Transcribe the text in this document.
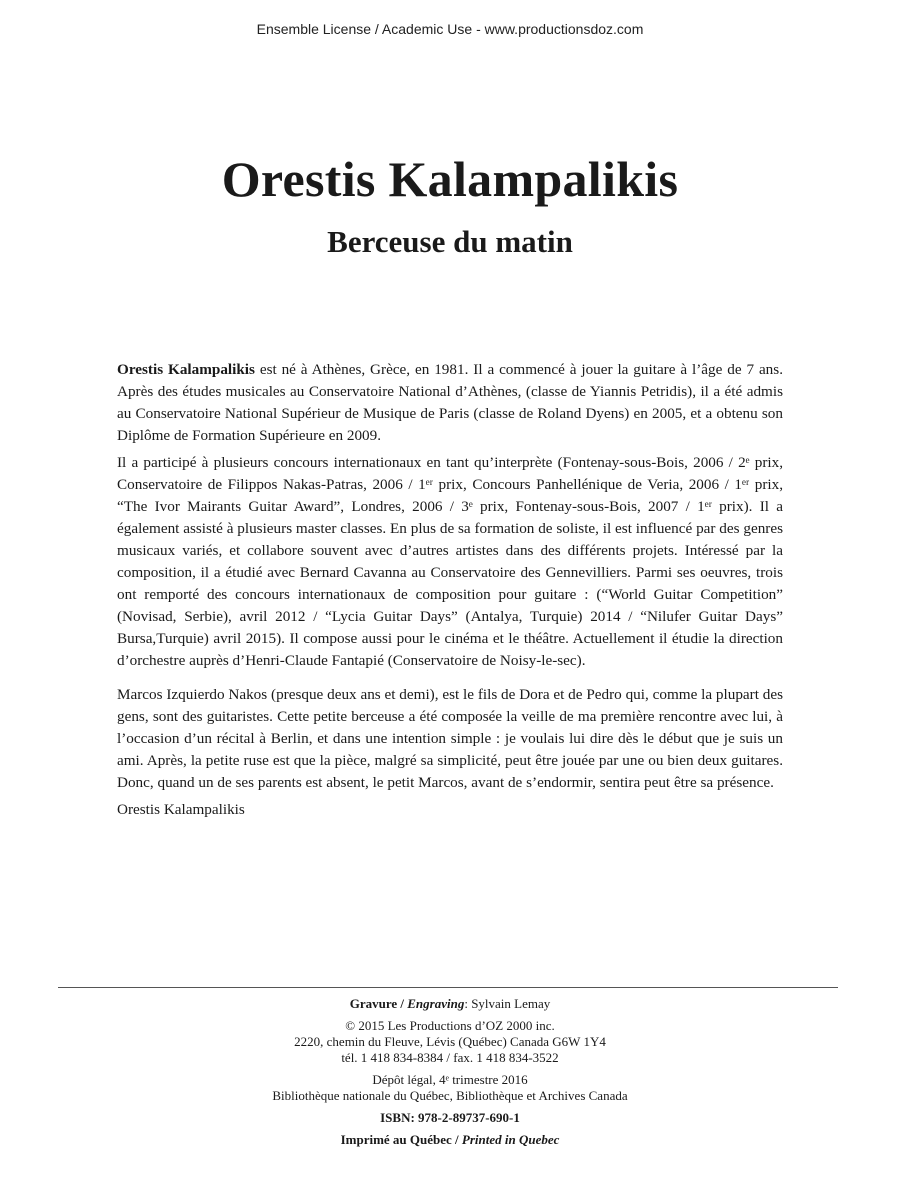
Ensemble License / Academic Use - www.productionsdoz.com
Orestis Kalampalikis
Berceuse du matin

Orestis Kalampalikis est né à Athènes, Grèce, en 1981. Il a commencé à jouer la guitare à l’âge de 7 ans. Après des études musicales au Conservatoire National d’Athènes, (classe de Yiannis Petridis), il a été admis au Conservatoire National Supérieur de Musique de Paris (classe de Roland Dyens) en 2005, et a obtenu son Diplôme de Formation Supérieure en 2009.

Il a participé à plusieurs concours internationaux en tant qu’interprète (Fontenay-sous-Bois, 2006 / 2ᵉ prix, Conservatoire de Filippos Nakas-Patras, 2006 / 1ᵉʳ prix, Concours Panhellénique de Veria, 2006 / 1ᵉʳ prix, “The Ivor Mairants Guitar Award”, Londres, 2006 / 3ᵉ prix, Fontenay-sous-Bois, 2007 / 1ᵉʳ prix). Il a également assisté à plusieurs master classes. En plus de sa formation de soliste, il est influencé par des genres musicaux variés, et collabore souvent avec d’autres artistes dans des différents projets. Intéressé par la composition, il a étudié avec Bernard Cavanna au Conservatoire des Gennevilliers. Parmi ses oeuvres, trois ont remporté des concours internationaux de composition pour guitare : (“World Guitar Competition” (Novisad, Serbie), avril 2012 / “Lycia Guitar Days” (Antalya, Turquie) 2014 / “Nilufer Guitar Days” Bursa,Turquie) avril 2015). Il compose aussi pour le cinéma et le théâtre. Actuellement il étudie la direction d’orchestre auprès d’Henri-Claude Fantapié (Conservatoire de Noisy-le-sec).

Marcos Izquierdo Nakos (presque deux ans et demi), est le fils de Dora et de Pedro qui, comme la plupart des gens, sont des guitaristes. Cette petite berceuse a été composée la veille de ma première rencontre avec lui, à l’occasion d’un récital à Berlin, et dans une intention simple : je voulais lui dire dès le début que je suis un ami. Après, la petite ruse est que la pièce, malgré sa simplicité, peut être jouée par une ou bien deux guitares. Donc, quand un de ses parents est absent, le petit Marcos, avant de s’endormir, sentira peut être sa présence.

Orestis Kalampalikis

Gravure / Engraving: Sylvain Lemay
© 2015 Les Productions d’OZ 2000 inc.
2220, chemin du Fleuve, Lévis (Québec) Canada G6W 1Y4
tél. 1 418 834-8384 / fax. 1 418 834-3522
Dépôt légal, 4ᵉ trimestre 2016
Bibliothèque nationale du Québec, Bibliothèque et Archives Canada
ISBN: 978-2-89737-690-1
Imprimé au Québec / Printed in Quebec
